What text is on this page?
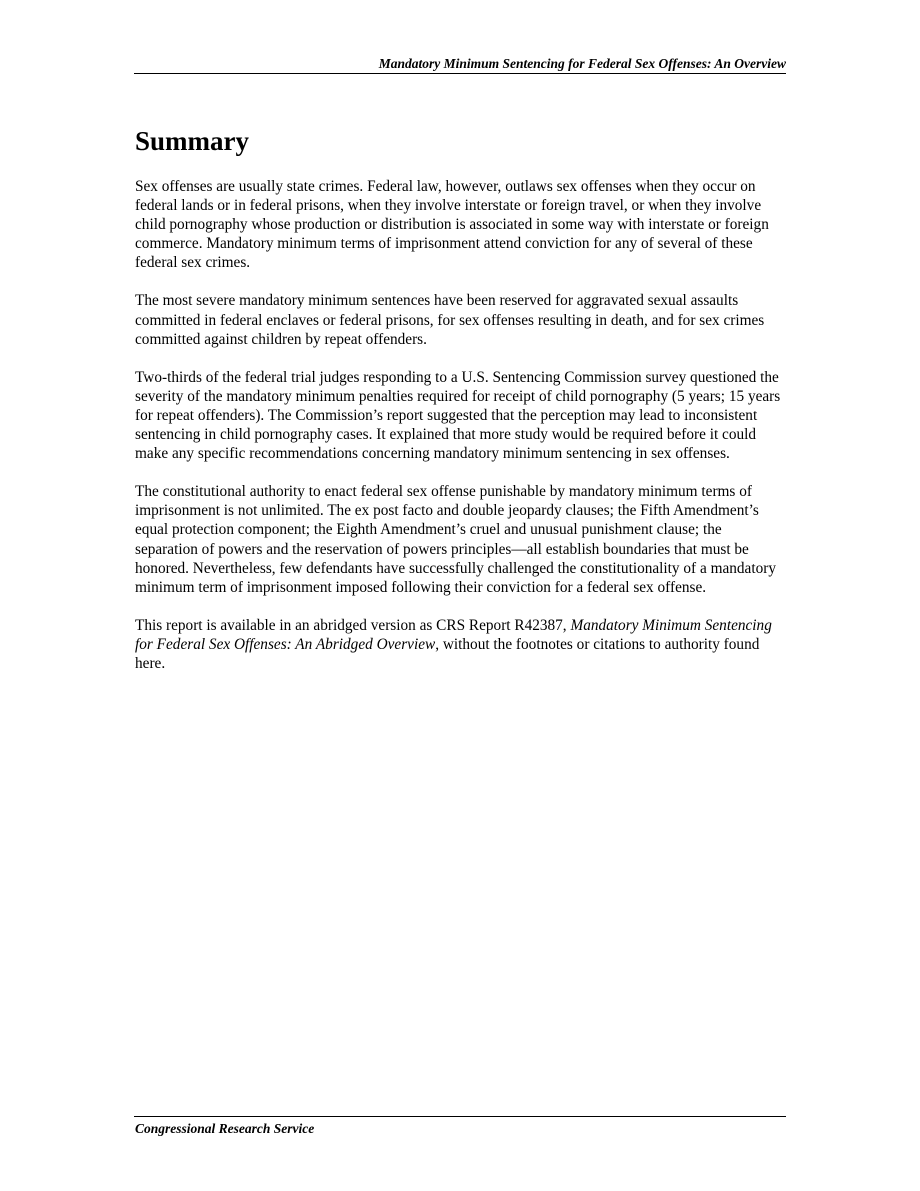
Mandatory Minimum Sentencing for Federal Sex Offenses: An Overview
Summary

Sex offenses are usually state crimes. Federal law, however, outlaws sex offenses when they occur on federal lands or in federal prisons, when they involve interstate or foreign travel, or when they involve child pornography whose production or distribution is associated in some way with interstate or foreign commerce. Mandatory minimum terms of imprisonment attend conviction for any of several of these federal sex crimes.

The most severe mandatory minimum sentences have been reserved for aggravated sexual assaults committed in federal enclaves or federal prisons, for sex offenses resulting in death, and for sex crimes committed against children by repeat offenders.

Two-thirds of the federal trial judges responding to a U.S. Sentencing Commission survey questioned the severity of the mandatory minimum penalties required for receipt of child pornography (5 years; 15 years for repeat offenders). The Commission’s report suggested that the perception may lead to inconsistent sentencing in child pornography cases. It explained that more study would be required before it could make any specific recommendations concerning mandatory minimum sentencing in sex offenses.

The constitutional authority to enact federal sex offense punishable by mandatory minimum terms of imprisonment is not unlimited. The ex post facto and double jeopardy clauses; the Fifth Amendment’s equal protection component; the Eighth Amendment’s cruel and unusual punishment clause; the separation of powers and the reservation of powers principles—all establish boundaries that must be honored. Nevertheless, few defendants have successfully challenged the constitutionality of a mandatory minimum term of imprisonment imposed following their conviction for a federal sex offense.

This report is available in an abridged version as CRS Report R42387, Mandatory Minimum Sentencing for Federal Sex Offenses: An Abridged Overview, without the footnotes or citations to authority found here.

Congressional Research Service
